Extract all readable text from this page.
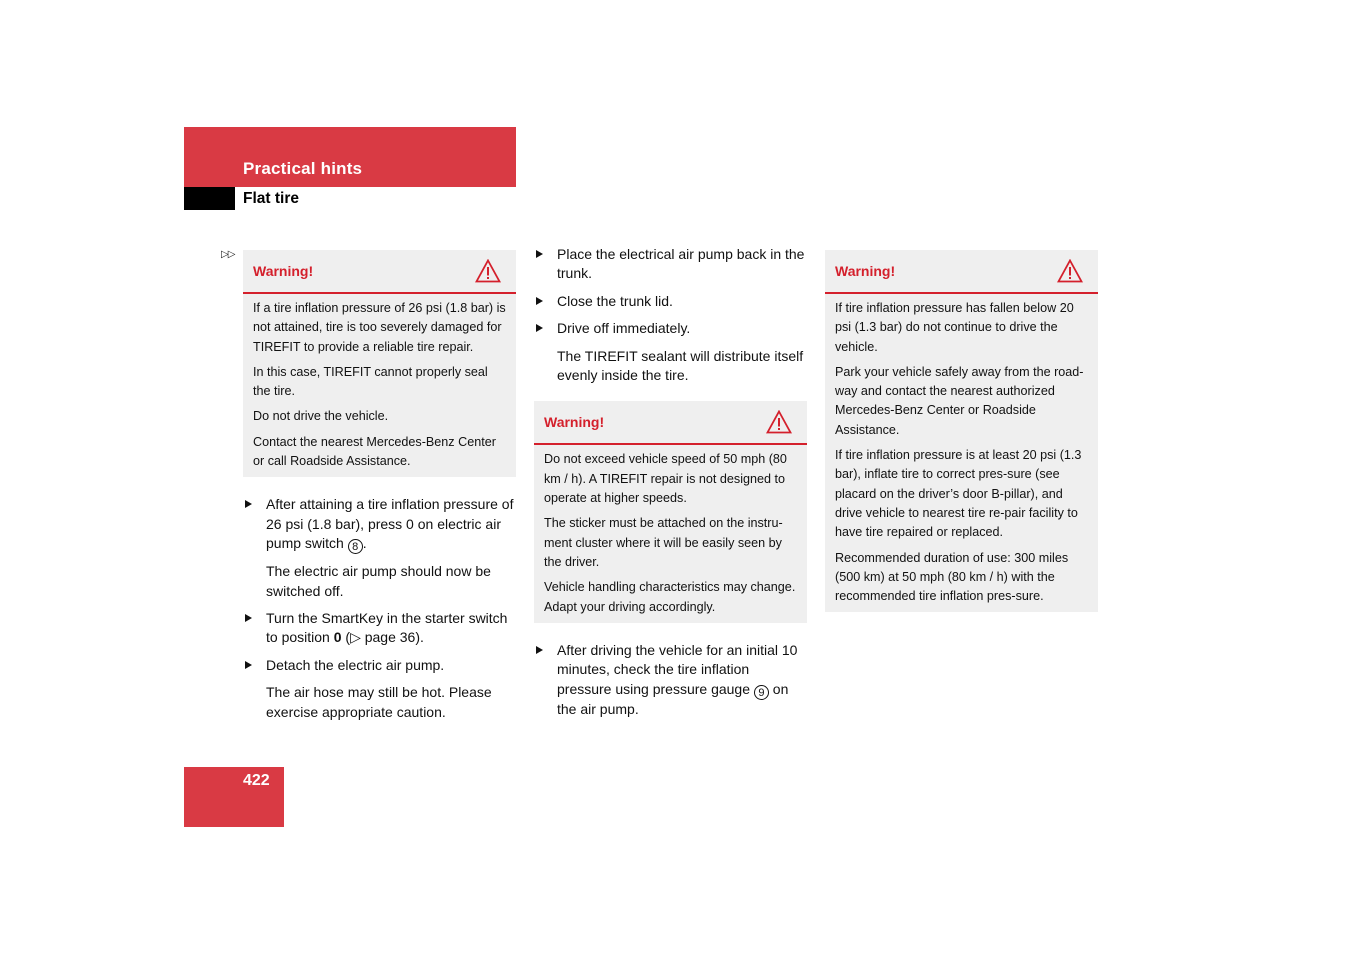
Practical hints
Flat tire
▷▷
Warning!

If a tire inflation pressure of 26 psi (1.8 bar) is not attained, tire is too severely damaged for TIREFIT to provide a reliable tire repair.

In this case, TIREFIT cannot properly seal the tire.

Do not drive the vehicle.

Contact the nearest Mercedes-Benz Center or call Roadside Assistance.

After attaining a tire inflation pressure of 26 psi (1.8 bar), press 0 on electric air pump switch 8 .

The electric air pump should now be switched off.

Turn the SmartKey in the starter switch to position 0 (▷ page 36).
Detach the electric air pump.

The air hose may still be hot. Please exercise appropriate caution.

Place the electrical air pump back in the trunk.
Close the trunk lid.
Drive off immediately.

The TIREFIT sealant will distribute itself evenly inside the tire.

Warning!

Do not exceed vehicle speed of 50 mph (80 km / h). A TIREFIT repair is not designed to operate at higher speeds.

The sticker must be attached on the instru-ment cluster where it will be easily seen by the driver.

Vehicle handling characteristics may change. Adapt your driving accordingly.

After driving the vehicle for an initial 10 minutes, check the tire inflation pressure using pressure gauge 9 on the air pump.
Warning!

If tire inflation pressure has fallen below 20 psi (1.3 bar) do not continue to drive the vehicle.

Park your vehicle safely away from the road-way and contact the nearest authorized Mercedes-Benz Center or Roadside Assistance.

If tire inflation pressure is at least 20 psi (1.3 bar), inflate tire to correct pres-sure (see placard on the driver’s door B-pillar), and drive vehicle to nearest tire re-pair facility to have tire repaired or replaced.

Recommended duration of use: 300 miles (500 km) at 50 mph (80 km / h) with the recommended tire inflation pres-sure.

422
